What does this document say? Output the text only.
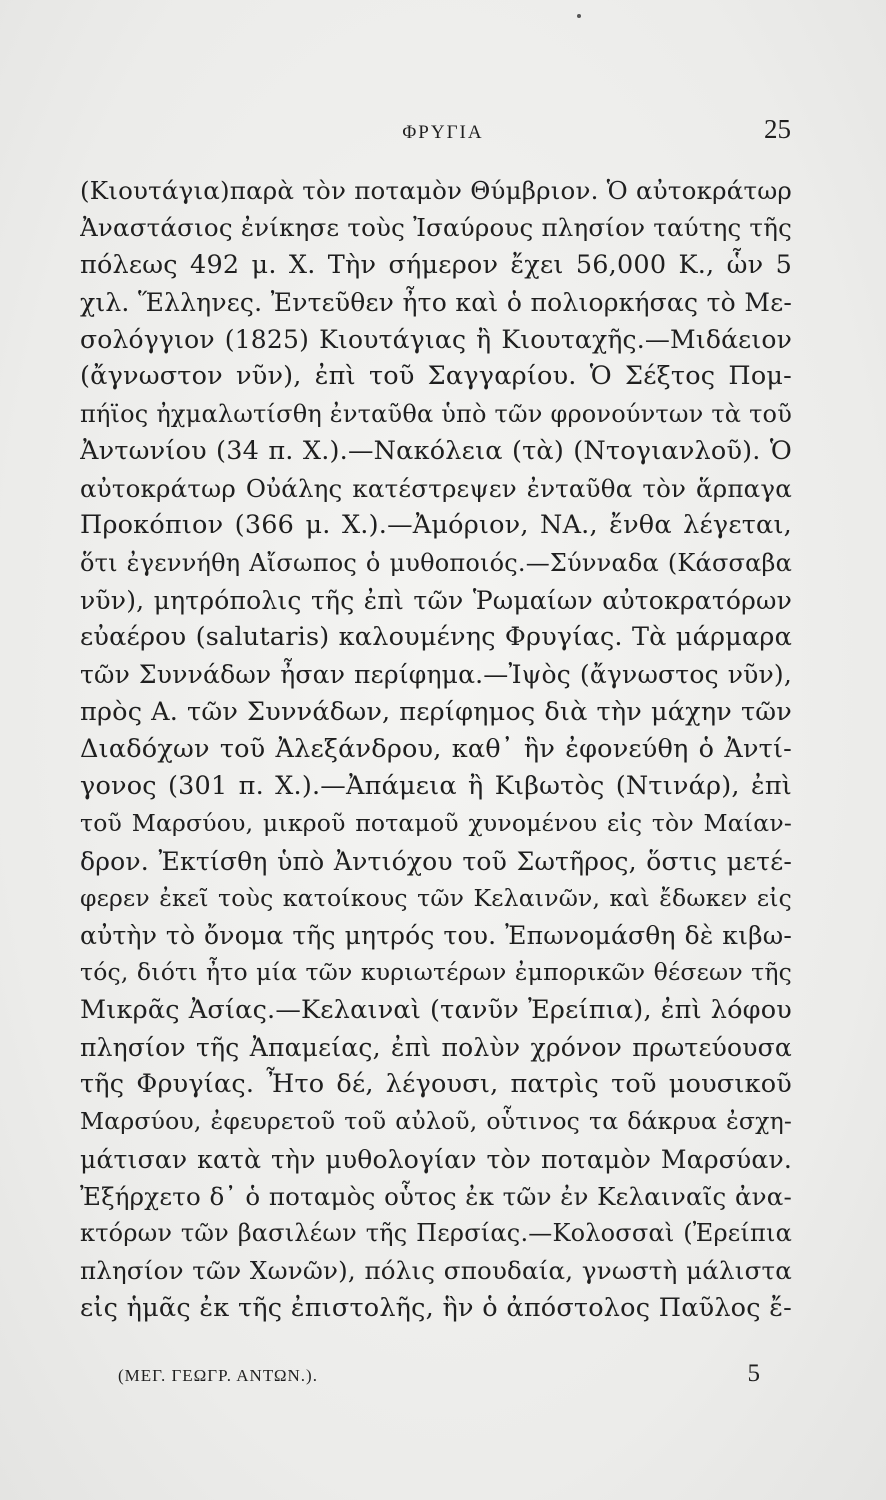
ΦΡΥΓΙΑ	25
(Κιουτάγια)παρὰ τὸν ποταμὸν Θύμβριον. Ὁ αὐτοκράτωρ
Ἀναστάσιος ἐνίκησε τοὺς Ἰσαύρους πλησίον ταύτης τῆς
πόλεως 492 μ. Χ. Τὴν σήμερον ἔχει 56,000 Κ., ὧν 5
χιλ. Ἕλληνες. Ἐντεῦθεν ἦτο καὶ ὁ πολιορκήσας τὸ Με-
σολόγγιον (1825) Κιουτάγιας ἢ Κιουταχῆς.—Μιδάειον
(ἄγνωστον νῦν), ἐπὶ τοῦ Σαγγαρίου. Ὁ Σέξτος Πομ-
πήϊος ἠχμαλωτίσθη ἐνταῦθα ὑπὸ τῶν φρονούντων τὰ τοῦ
Ἀντωνίου (34 π. Χ.).—Νακόλεια (τὰ) (Ντογιανλοῦ). Ὁ
αὐτοκράτωρ Οὐάλης κατέστρεψεν ἐνταῦθα τὸν ἅρπαγα
Προκόπιον (366 μ. Χ.).—Ἀμόριον, ΝΑ., ἔνθα λέγεται,
ὅτι ἐγεννήθη Αἴσωπος ὁ μυθοποιός.—Σύνναδα (Κάσσαβα
νῦν), μητρόπολις τῆς ἐπὶ τῶν Ῥωμαίων αὐτοκρατόρων
εὐαέρου (salutaris) καλουμένης Φρυγίας. Τὰ μάρμαρα
τῶν Συννάδων ἦσαν περίφημα.—Ἰψὸς (ἄγνωστος νῦν),
πρὸς Α. τῶν Συννάδων, περίφημος διὰ τὴν μάχην τῶν
Διαδόχων τοῦ Ἀλεξάνδρου, καθ᾽ ἣν ἐφονεύθη ὁ Ἀντί-
γονος (301 π. Χ.).—Ἀπάμεια ἢ Κιβωτὸς (Ντινάρ), ἐπὶ
τοῦ Μαρσύου, μικροῦ ποταμοῦ χυνομένου εἰς τὸν Μαίαν-
δρον. Ἐκτίσθη ὑπὸ Ἀντιόχου τοῦ Σωτῆρος, ὅστις μετέ-
φερεν ἐκεῖ τοὺς κατοίκους τῶν Κελαινῶν, καὶ ἔδωκεν εἰς
αὐτὴν τὸ ὄνομα τῆς μητρός του. Ἐπωνομάσθη δὲ κιβω-
τός, διότι ἦτο μία τῶν κυριωτέρων ἐμπορικῶν θέσεων τῆς
Μικρᾶς Ἀσίας.—Κελαιναὶ (τανῦν Ἐρείπια), ἐπὶ λόφου
πλησίον τῆς Ἀπαμείας, ἐπὶ πολὺν χρόνον πρωτεύουσα
τῆς Φρυγίας. Ἦτο δέ, λέγουσι, πατρὶς τοῦ μουσικοῦ
Μαρσύου, ἐφευρετοῦ τοῦ αὐλοῦ, οὗτινος τα δάκρυα ἐσχη-
μάτισαν κατὰ τὴν μυθολογίαν τὸν ποταμὸν Μαρσύαν.
Ἐξήρχετο δ᾽ ὁ ποταμὸς οὗτος ἐκ τῶν ἐν Κελαιναῖς ἀνα-
κτόρων τῶν βασιλέων τῆς Περσίας.—Κολοσσαὶ (Ἐρείπια
πλησίον τῶν Χωνῶν), πόλις σπουδαία, γνωστὴ μάλιστα
εἰς ἡμᾶς ἐκ τῆς ἐπιστολῆς, ἣν ὁ ἀπόστολος Παῦλος ἔ-
(ΜΕΓ. ΓΕΩΓΡ. ΑΝΤΩΝ.).	5
